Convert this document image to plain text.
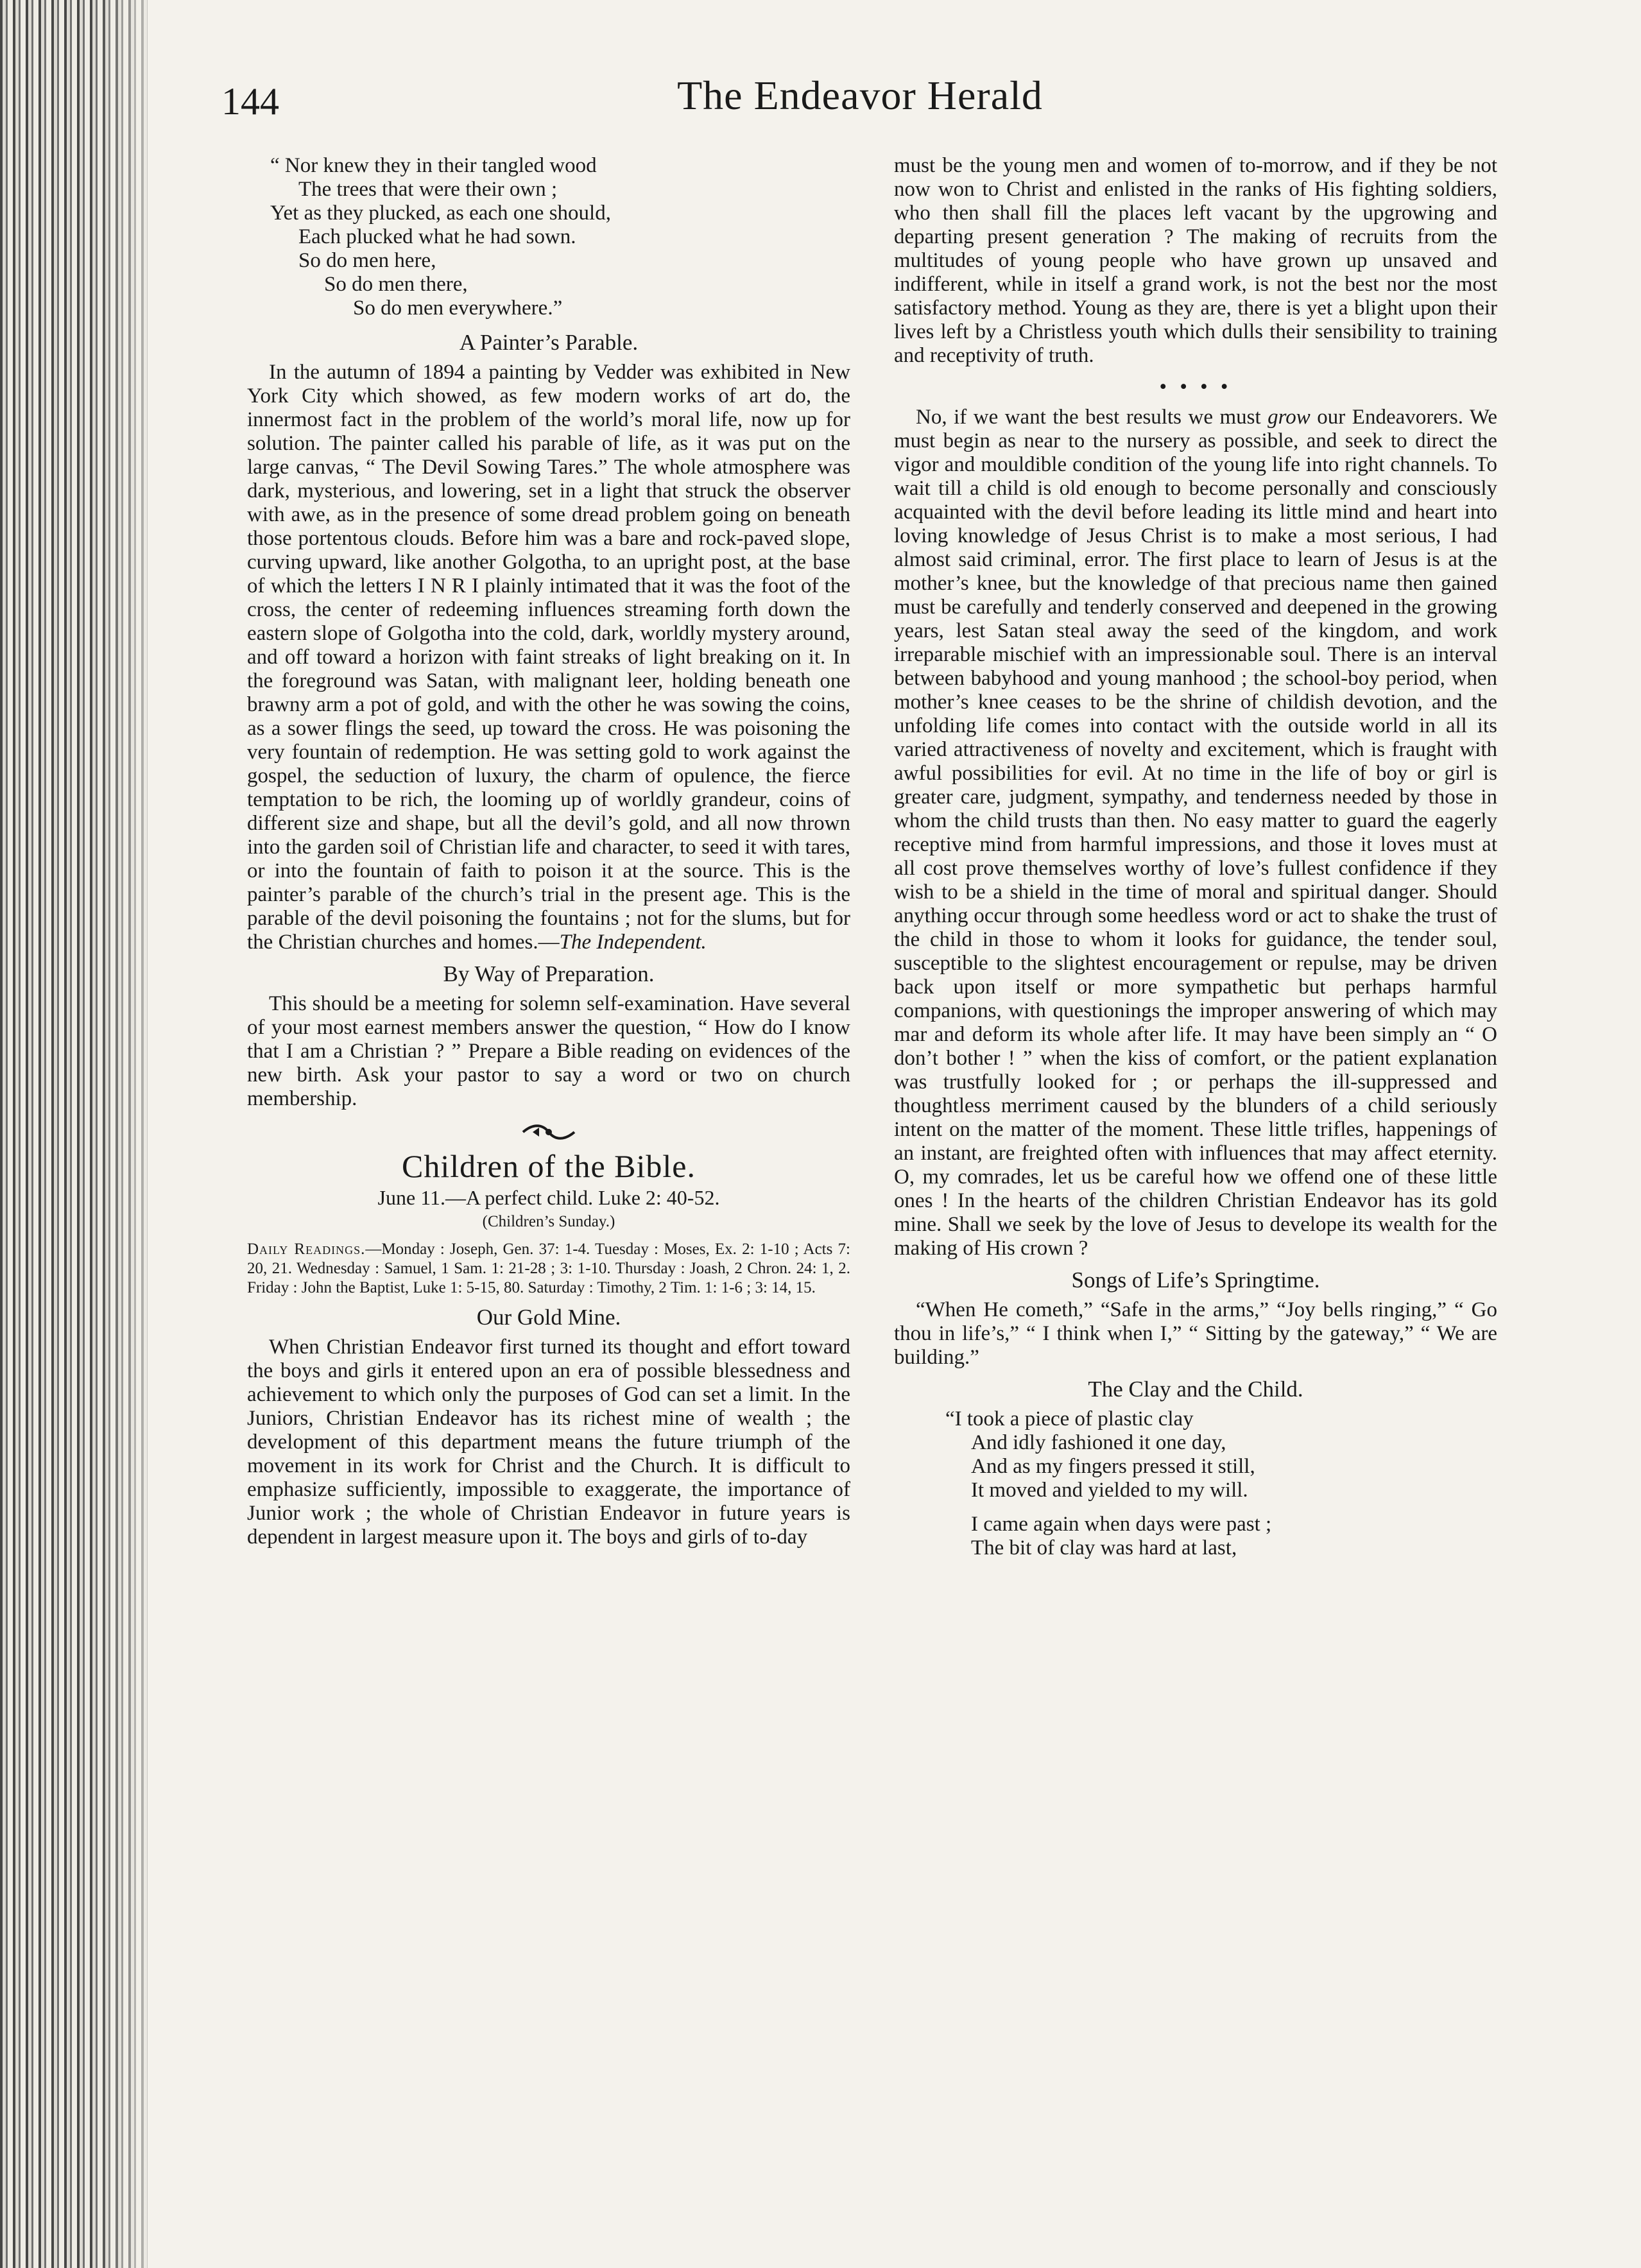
144	The Endeavor Herald
“ Nor knew they in their tangled wood
The trees that were their own ;
Yet as they plucked, as each one should,
Each plucked what he had sown.
So do men here,
So do men there,
So do men everywhere.”
A Painter’s Parable.

In the autumn of 1894 a painting by Vedder was exhibited in New York City which showed, as few modern works of art do, the innermost fact in the problem of the world’s moral life, now up for solution. The painter called his parable of life, as it was put on the large canvas, “ The Devil Sowing Tares.” The whole atmosphere was dark, mysterious, and lowering, set in a light that struck the observer with awe, as in the presence of some dread problem going on beneath those portentous clouds. Before him was a bare and rock-paved slope, curving upward, like another Golgotha, to an upright post, at the base of which the letters I N R I plainly intimated that it was the foot of the cross, the center of redeeming influences streaming forth down the eastern slope of Golgotha into the cold, dark, worldly mystery around, and off toward a horizon with faint streaks of light breaking on it. In the foreground was Satan, with malignant leer, holding beneath one brawny arm a pot of gold, and with the other he was sowing the coins, as a sower flings the seed, up toward the cross. He was poisoning the very fountain of redemption. He was setting gold to work against the gospel, the seduction of luxury, the charm of opulence, the fierce temptation to be rich, the looming up of worldly grandeur, coins of different size and shape, but all the devil’s gold, and all now thrown into the garden soil of Christian life and character, to seed it with tares, or into the fountain of faith to poison it at the source. This is the painter’s parable of the church’s trial in the present age. This is the parable of the devil poisoning the fountains ; not for the slums, but for the Christian churches and homes.—The Independent.

By Way of Preparation.

This should be a meeting for solemn self-examination. Have several of your most earnest members answer the question, “ How do I know that I am a Christian ? ” Prepare a Bible reading on evidences of the new birth. Ask your pastor to say a word or two on church membership.

Children of the Bible.
June 11.—A perfect child. Luke 2: 40-52.
(Children’s Sunday.)
Daily Readings.—Monday : Joseph, Gen. 37: 1-4. Tuesday : Moses, Ex. 2: 1-10 ; Acts 7: 20, 21. Wednesday : Samuel, 1 Sam. 1: 21-28 ; 3: 1-10. Thursday : Joash, 2 Chron. 24: 1, 2. Friday : John the Baptist, Luke 1: 5-15, 80. Saturday : Timothy, 2 Tim. 1: 1-6 ; 3: 14, 15.
Our Gold Mine.

When Christian Endeavor first turned its thought and effort toward the boys and girls it entered upon an era of possible blessedness and achievement to which only the purposes of God can set a limit. In the Juniors, Christian Endeavor has its richest mine of wealth ; the development of this department means the future triumph of the movement in its work for Christ and the Church. It is difficult to emphasize sufficiently, impossible to exaggerate, the importance of Junior work ; the whole of Christian Endeavor in future years is dependent in largest measure upon it. The boys and girls of to-day

must be the young men and women of to-morrow, and if they be not now won to Christ and enlisted in the ranks of His fighting soldiers, who then shall fill the places left vacant by the upgrowing and departing present generation ? The making of recruits from the multitudes of young people who have grown up unsaved and indifferent, while in itself a grand work, is not the best nor the most satisfactory method. Young as they are, there is yet a blight upon their lives left by a Christless youth which dulls their sensibility to training and receptivity of truth.

• • • •

No, if we want the best results we must grow our Endeavorers. We must begin as near to the nursery as possible, and seek to direct the vigor and mouldible condition of the young life into right channels. To wait till a child is old enough to become personally and consciously acquainted with the devil before leading its little mind and heart into loving knowledge of Jesus Christ is to make a most serious, I had almost said criminal, error. The first place to learn of Jesus is at the mother’s knee, but the knowledge of that precious name then gained must be carefully and tenderly conserved and deepened in the growing years, lest Satan steal away the seed of the kingdom, and work irreparable mischief with an impressionable soul. There is an interval between babyhood and young manhood ; the school-boy period, when mother’s knee ceases to be the shrine of childish devotion, and the unfolding life comes into contact with the outside world in all its varied attractiveness of novelty and excitement, which is fraught with awful possibilities for evil. At no time in the life of boy or girl is greater care, judgment, sympathy, and tenderness needed by those in whom the child trusts than then. No easy matter to guard the eagerly receptive mind from harmful impressions, and those it loves must at all cost prove themselves worthy of love’s fullest confidence if they wish to be a shield in the time of moral and spiritual danger. Should anything occur through some heedless word or act to shake the trust of the child in those to whom it looks for guidance, the tender soul, susceptible to the slightest encouragement or repulse, may be driven back upon itself or more sympathetic but perhaps harmful companions, with questionings the improper answering of which may mar and deform its whole after life. It may have been simply an “ O don’t bother ! ” when the kiss of comfort, or the patient explanation was trustfully looked for ; or perhaps the ill-suppressed and thoughtless merriment caused by the blunders of a child seriously intent on the matter of the moment. These little trifles, happenings of an instant, are freighted often with influences that may affect eternity. O, my comrades, let us be careful how we offend one of these little ones ! In the hearts of the children Christian Endeavor has its gold mine. Shall we seek by the love of Jesus to develope its wealth for the making of His crown ?

Songs of Life’s Springtime.

“When He cometh,” “Safe in the arms,” “Joy bells ringing,” “ Go thou in life’s,” “ I think when I,” “ Sitting by the gateway,” “ We are building.”

The Clay and the Child.
“I took a piece of plastic clay
And idly fashioned it one day,
And as my fingers pressed it still,
It moved and yielded to my will.
I came again when days were past ;
The bit of clay was hard at last,
